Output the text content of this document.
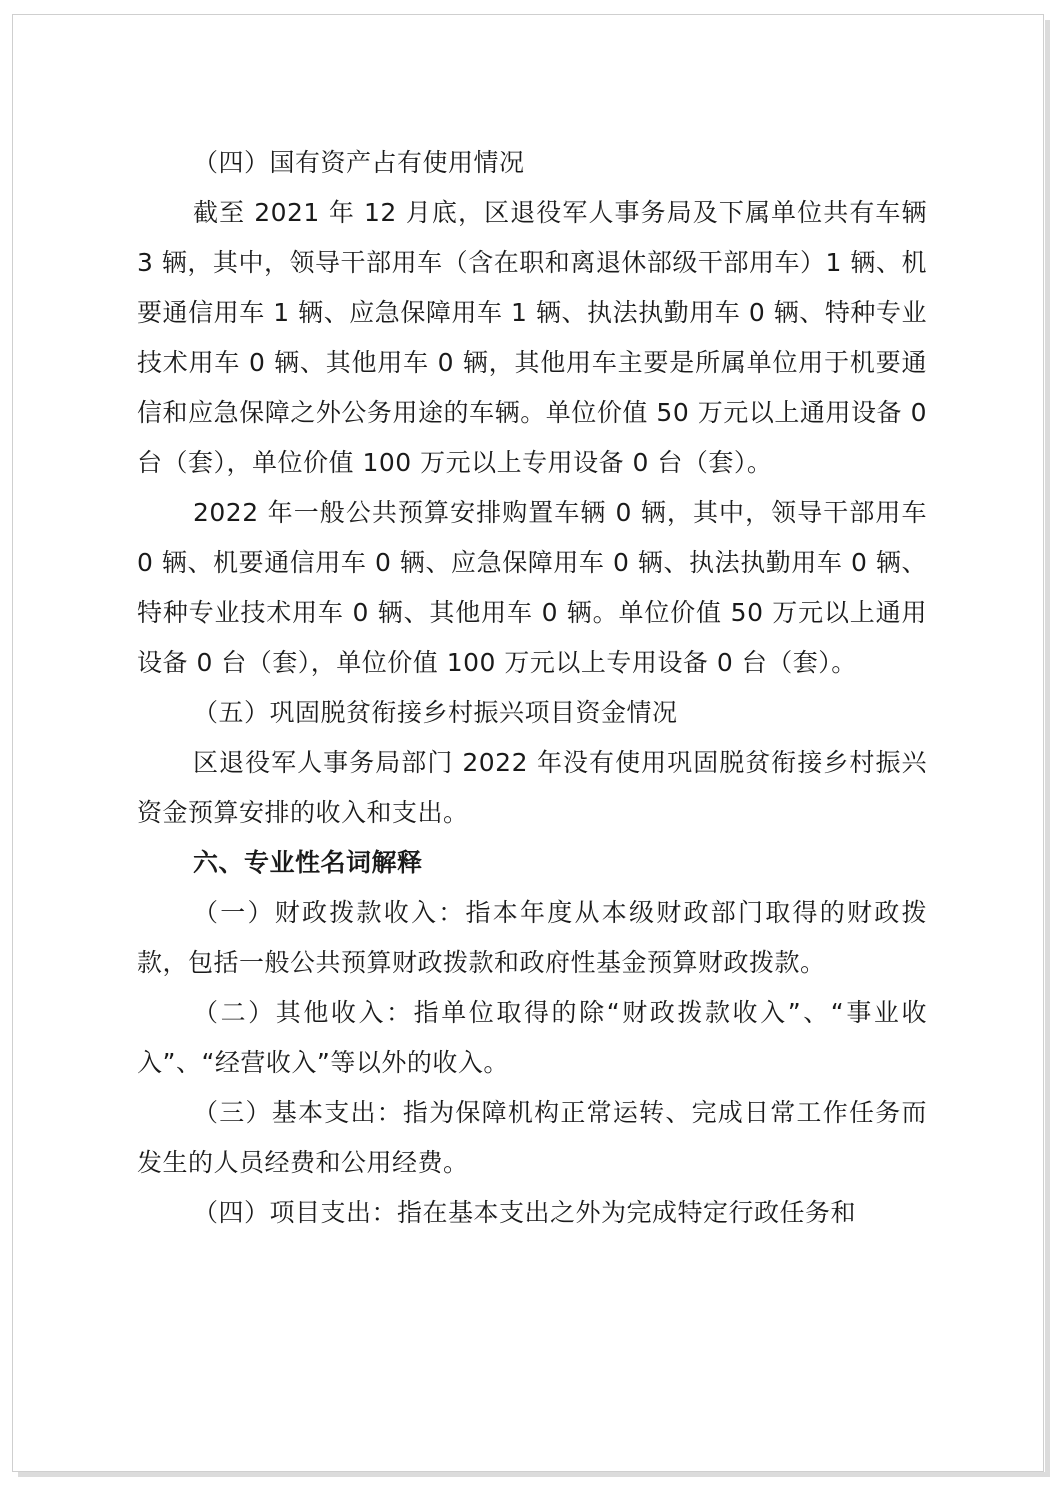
（四）国有资产占有使用情况

截至 2021 年 12 月底，区退役军人事务局及下属单位共有车辆 3 辆，其中，领导干部用车（含在职和离退休部级干部用车）1 辆、机要通信用车 1 辆、应急保障用车 1 辆、执法执勤用车 0 辆、特种专业技术用车 0 辆、其他用车 0 辆，其他用车主要是所属单位用于机要通信和应急保障之外公务用途的车辆。单位价值 50 万元以上通用设备 0 台（套），单位价值 100 万元以上专用设备 0 台（套）。

2022 年一般公共预算安排购置车辆 0 辆，其中，领导干部用车 0 辆、机要通信用车 0 辆、应急保障用车 0 辆、执法执勤用车 0 辆、特种专业技术用车 0 辆、其他用车 0 辆。单位价值 50 万元以上通用设备 0 台（套），单位价值 100 万元以上专用设备 0 台（套）。

（五）巩固脱贫衔接乡村振兴项目资金情况

区退役军人事务局部门 2022 年没有使用巩固脱贫衔接乡村振兴资金预算安排的收入和支出。

六、专业性名词解释

（一）财政拨款收入：指本年度从本级财政部门取得的财政拨款，包括一般公共预算财政拨款和政府性基金预算财政拨款。

（二）其他收入：指单位取得的除“财政拨款收入”、“事业收入”、“经营收入”等以外的收入。

（三）基本支出：指为保障机构正常运转、完成日常工作任务而发生的人员经费和公用经费。

（四）项目支出：指在基本支出之外为完成特定行政任务和
